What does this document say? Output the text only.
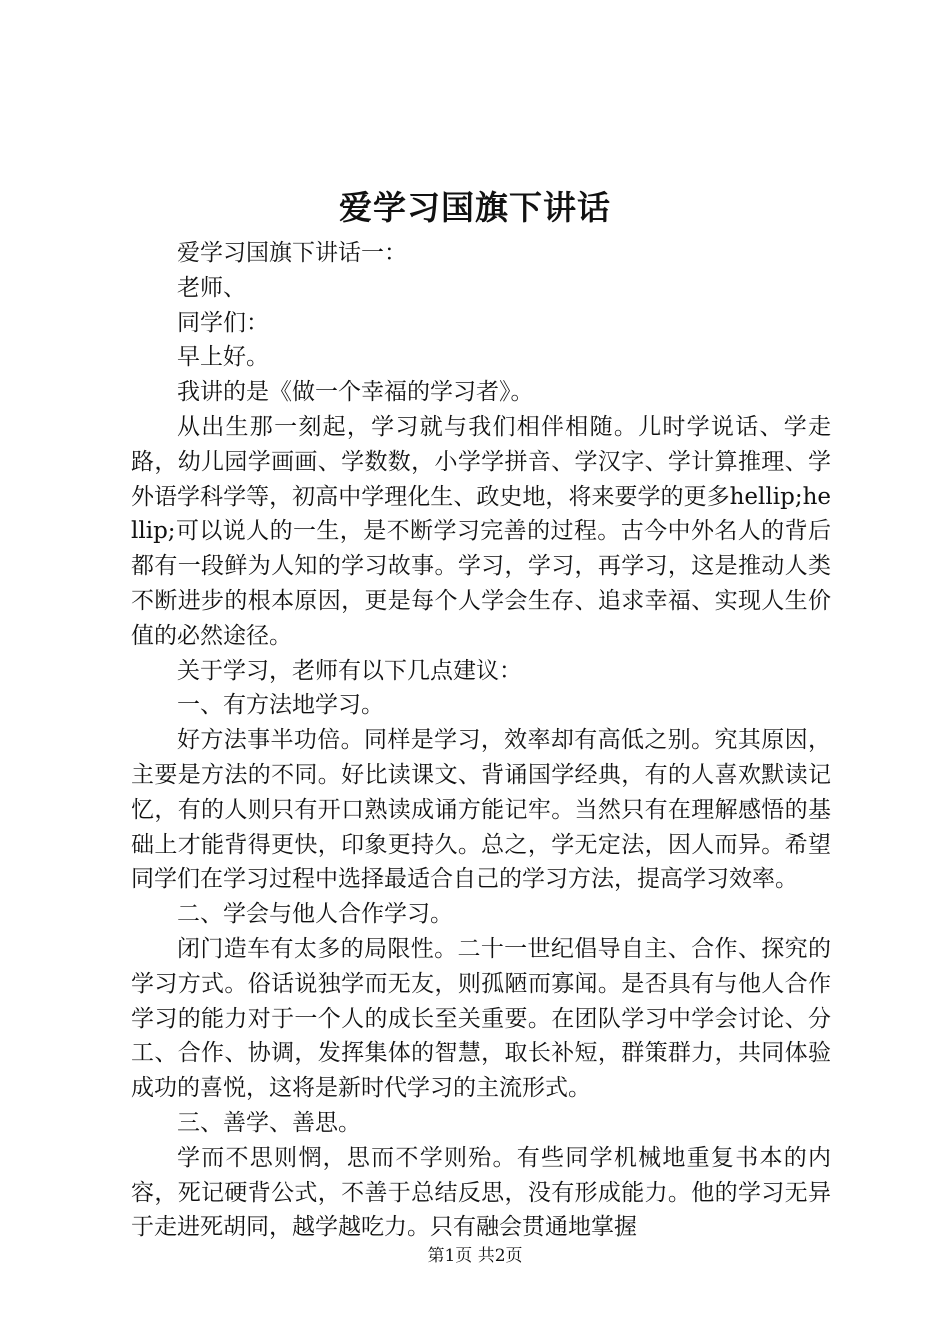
爱学习国旗下讲话

爱学习国旗下讲话一：

老师、

同学们：

早上好。

我讲的是《做一个幸福的学习者》。

从出生那一刻起，学习就与我们相伴相随。儿时学说话、学走路，幼儿园学画画、学数数，小学学拼音、学汉字、学计算推理、学外语学科学等，初高中学理化生、政史地，将来要学的更多hellip;hellip;可以说人的一生，是不断学习完善的过程。古今中外名人的背后都有一段鲜为人知的学习故事。学习，学习，再学习，这是推动人类不断进步的根本原因，更是每个人学会生存、追求幸福、实现人生价值的必然途径。

关于学习，老师有以下几点建议：

一、有方法地学习。

好方法事半功倍。同样是学习，效率却有高低之别。究其原因，主要是方法的不同。好比读课文、背诵国学经典，有的人喜欢默读记忆，有的人则只有开口熟读成诵方能记牢。当然只有在理解感悟的基础上才能背得更快，印象更持久。总之，学无定法，因人而异。希望同学们在学习过程中选择最适合自己的学习方法，提高学习效率。

二、学会与他人合作学习。

闭门造车有太多的局限性。二十一世纪倡导自主、合作、探究的学习方式。俗话说独学而无友，则孤陋而寡闻。是否具有与他人合作学习的能力对于一个人的成长至关重要。在团队学习中学会讨论、分工、合作、协调，发挥集体的智慧，取长补短，群策群力，共同体验成功的喜悦，这将是新时代学习的主流形式。

三、善学、善思。

学而不思则惘，思而不学则殆。有些同学机械地重复书本的内容，死记硬背公式，不善于总结反思，没有形成能力。他的学习无异于走进死胡同，越学越吃力。只有融会贯通地掌握

第1页 共2页
